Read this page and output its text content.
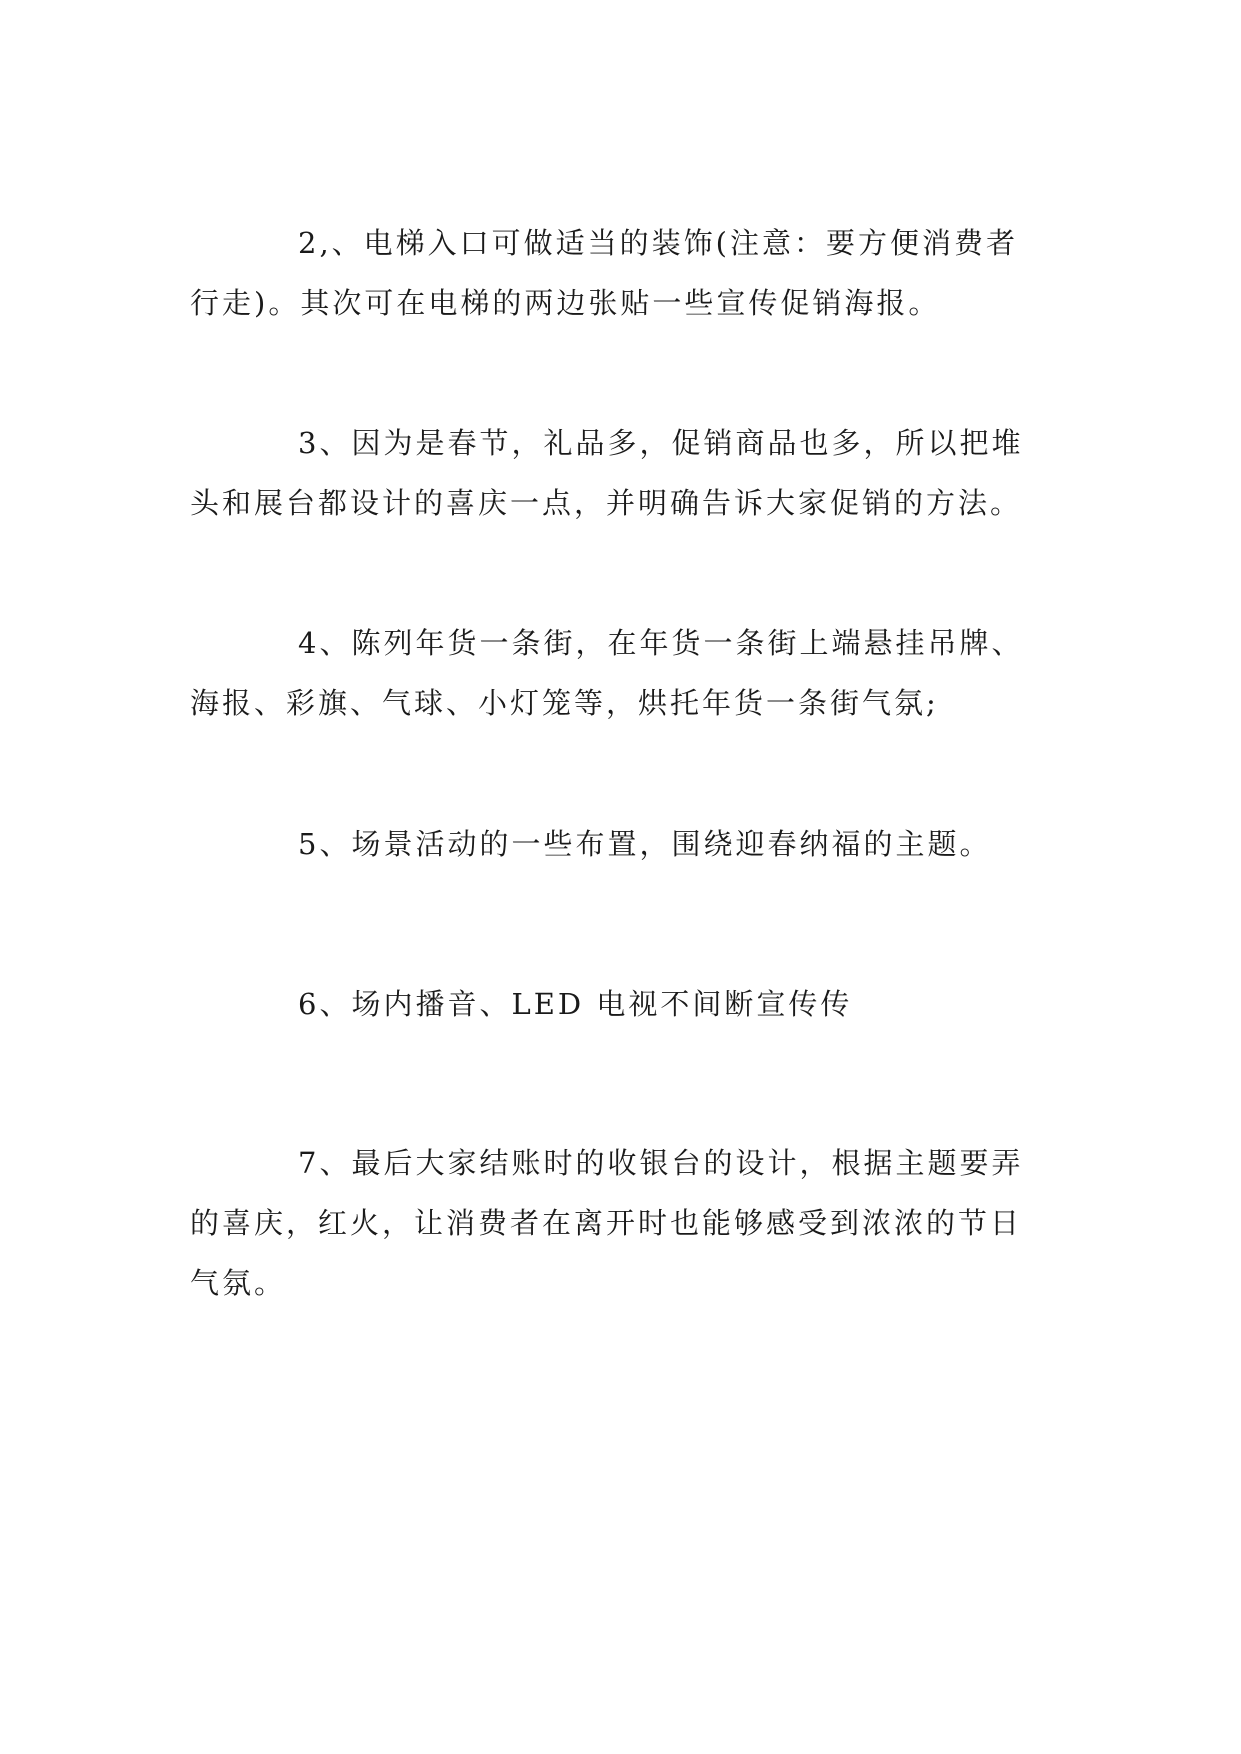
2,、电梯入口可做适当的装饰(注意：要方便消费者
行走)。其次可在电梯的两边张贴一些宣传促销海报。

3、因为是春节，礼品多，促销商品也多，所以把堆
头和展台都设计的喜庆一点，并明确告诉大家促销的方法。

4、陈列年货一条街，在年货一条街上端悬挂吊牌、
海报、彩旗、气球、小灯笼等，烘托年货一条街气氛;

5、场景活动的一些布置，围绕迎春纳福的主题。

6、场内播音、LED 电视不间断宣传传

7、最后大家结账时的收银台的设计，根据主题要弄
的喜庆，红火，让消费者在离开时也能够感受到浓浓的节日
气氛。
